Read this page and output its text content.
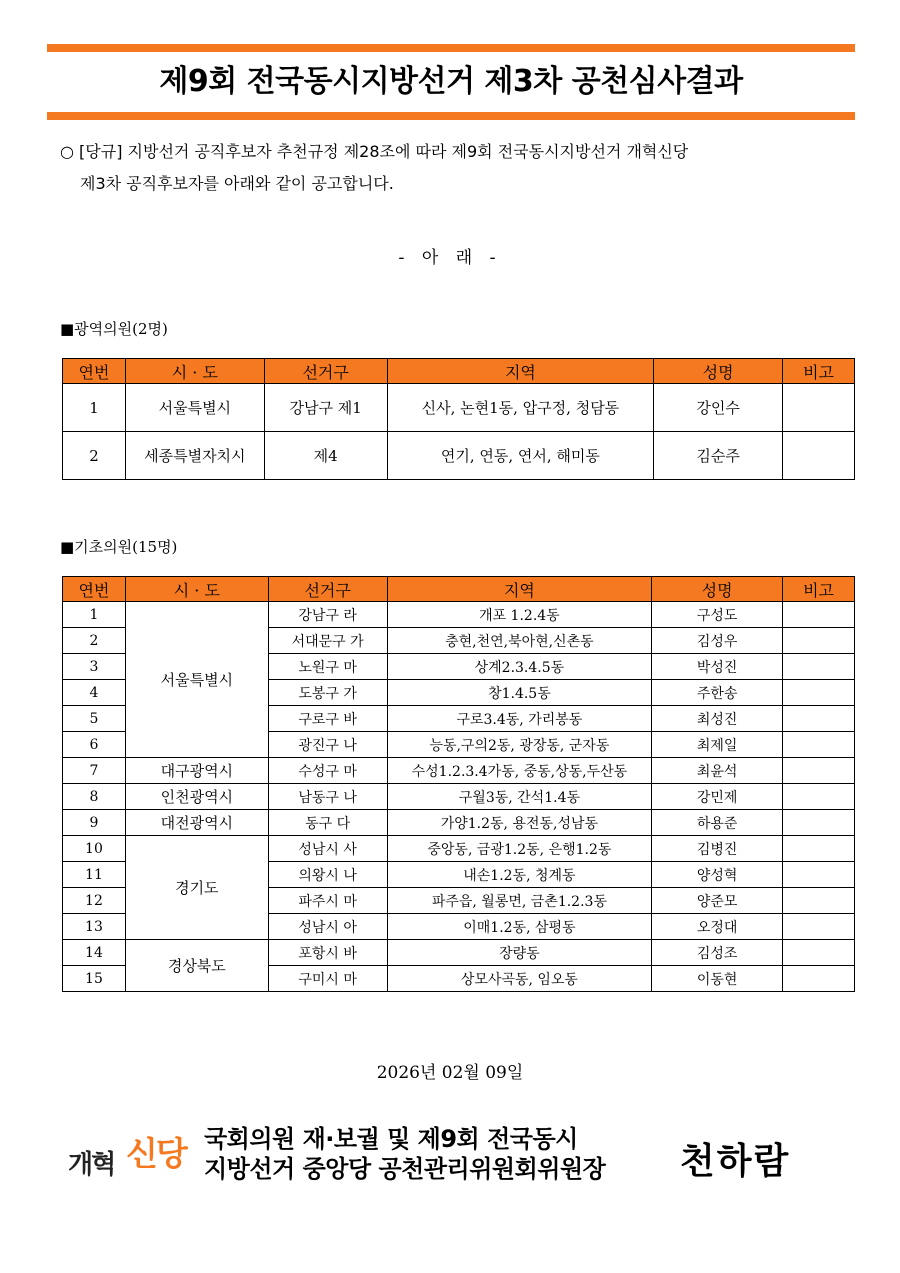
제9회 전국동시지방선거 제3차 공천심사결과
○ [당규] 지방선거 공직후보자 추천규정 제28조에 따라 제9회 전국동시지방선거 개혁신당
제3차 공직후보자를 아래와 같이 공고합니다.
- 아 래 -
■광역의원(2명)
연번	시 · 도	선거구	지역	성명	비고
1	서울특별시	강남구 제1	신사, 논현1동, 압구정, 청담동	강인수	
2	세종특별자치시	제4	연기, 연동, 연서, 해미동	김순주	
■기초의원(15명)
연번	시 · 도	선거구	지역	성명	비고
1	서울특별시	강남구 라	개포 1.2.4동	구성도	
2		서대문구 가	충현,천연,북아현,신촌동	김성우	
3		노원구 마	상계2.3.4.5동	박성진	
4		도봉구 가	창1.4.5동	주한송	
5		구로구 바	구로3.4동, 가리봉동	최성진	
6		광진구 나	능동,구의2동, 광장동, 군자동	최제일	
7	대구광역시	수성구 마	수성1.2.3.4가동, 중동,상동,두산동	최윤석	
8	인천광역시	남동구 나	구월3동, 간석1.4동	강민제	
9	대전광역시	동구 다	가양1.2동, 용전동,성남동	하용준	
10	경기도	성남시 사	중앙동, 금광1.2동, 은행1.2동	김병진	
11		의왕시 나	내손1.2동, 청계동	양성혁	
12		파주시 마	파주읍, 월롱면, 금촌1.2.3동	양준모	
13		성남시 아	이매1.2동, 삼평동	오정대	
14	경상북도	포항시 바	장량동	김성조	
15		구미시 마	상모사곡동, 임오동	이동현	
2026년 02월 09일
개혁 신당 국회의원 재·보궐 및 제9회 전국동시
지방선거 중앙당 공천관리위원회위원장 천하람
